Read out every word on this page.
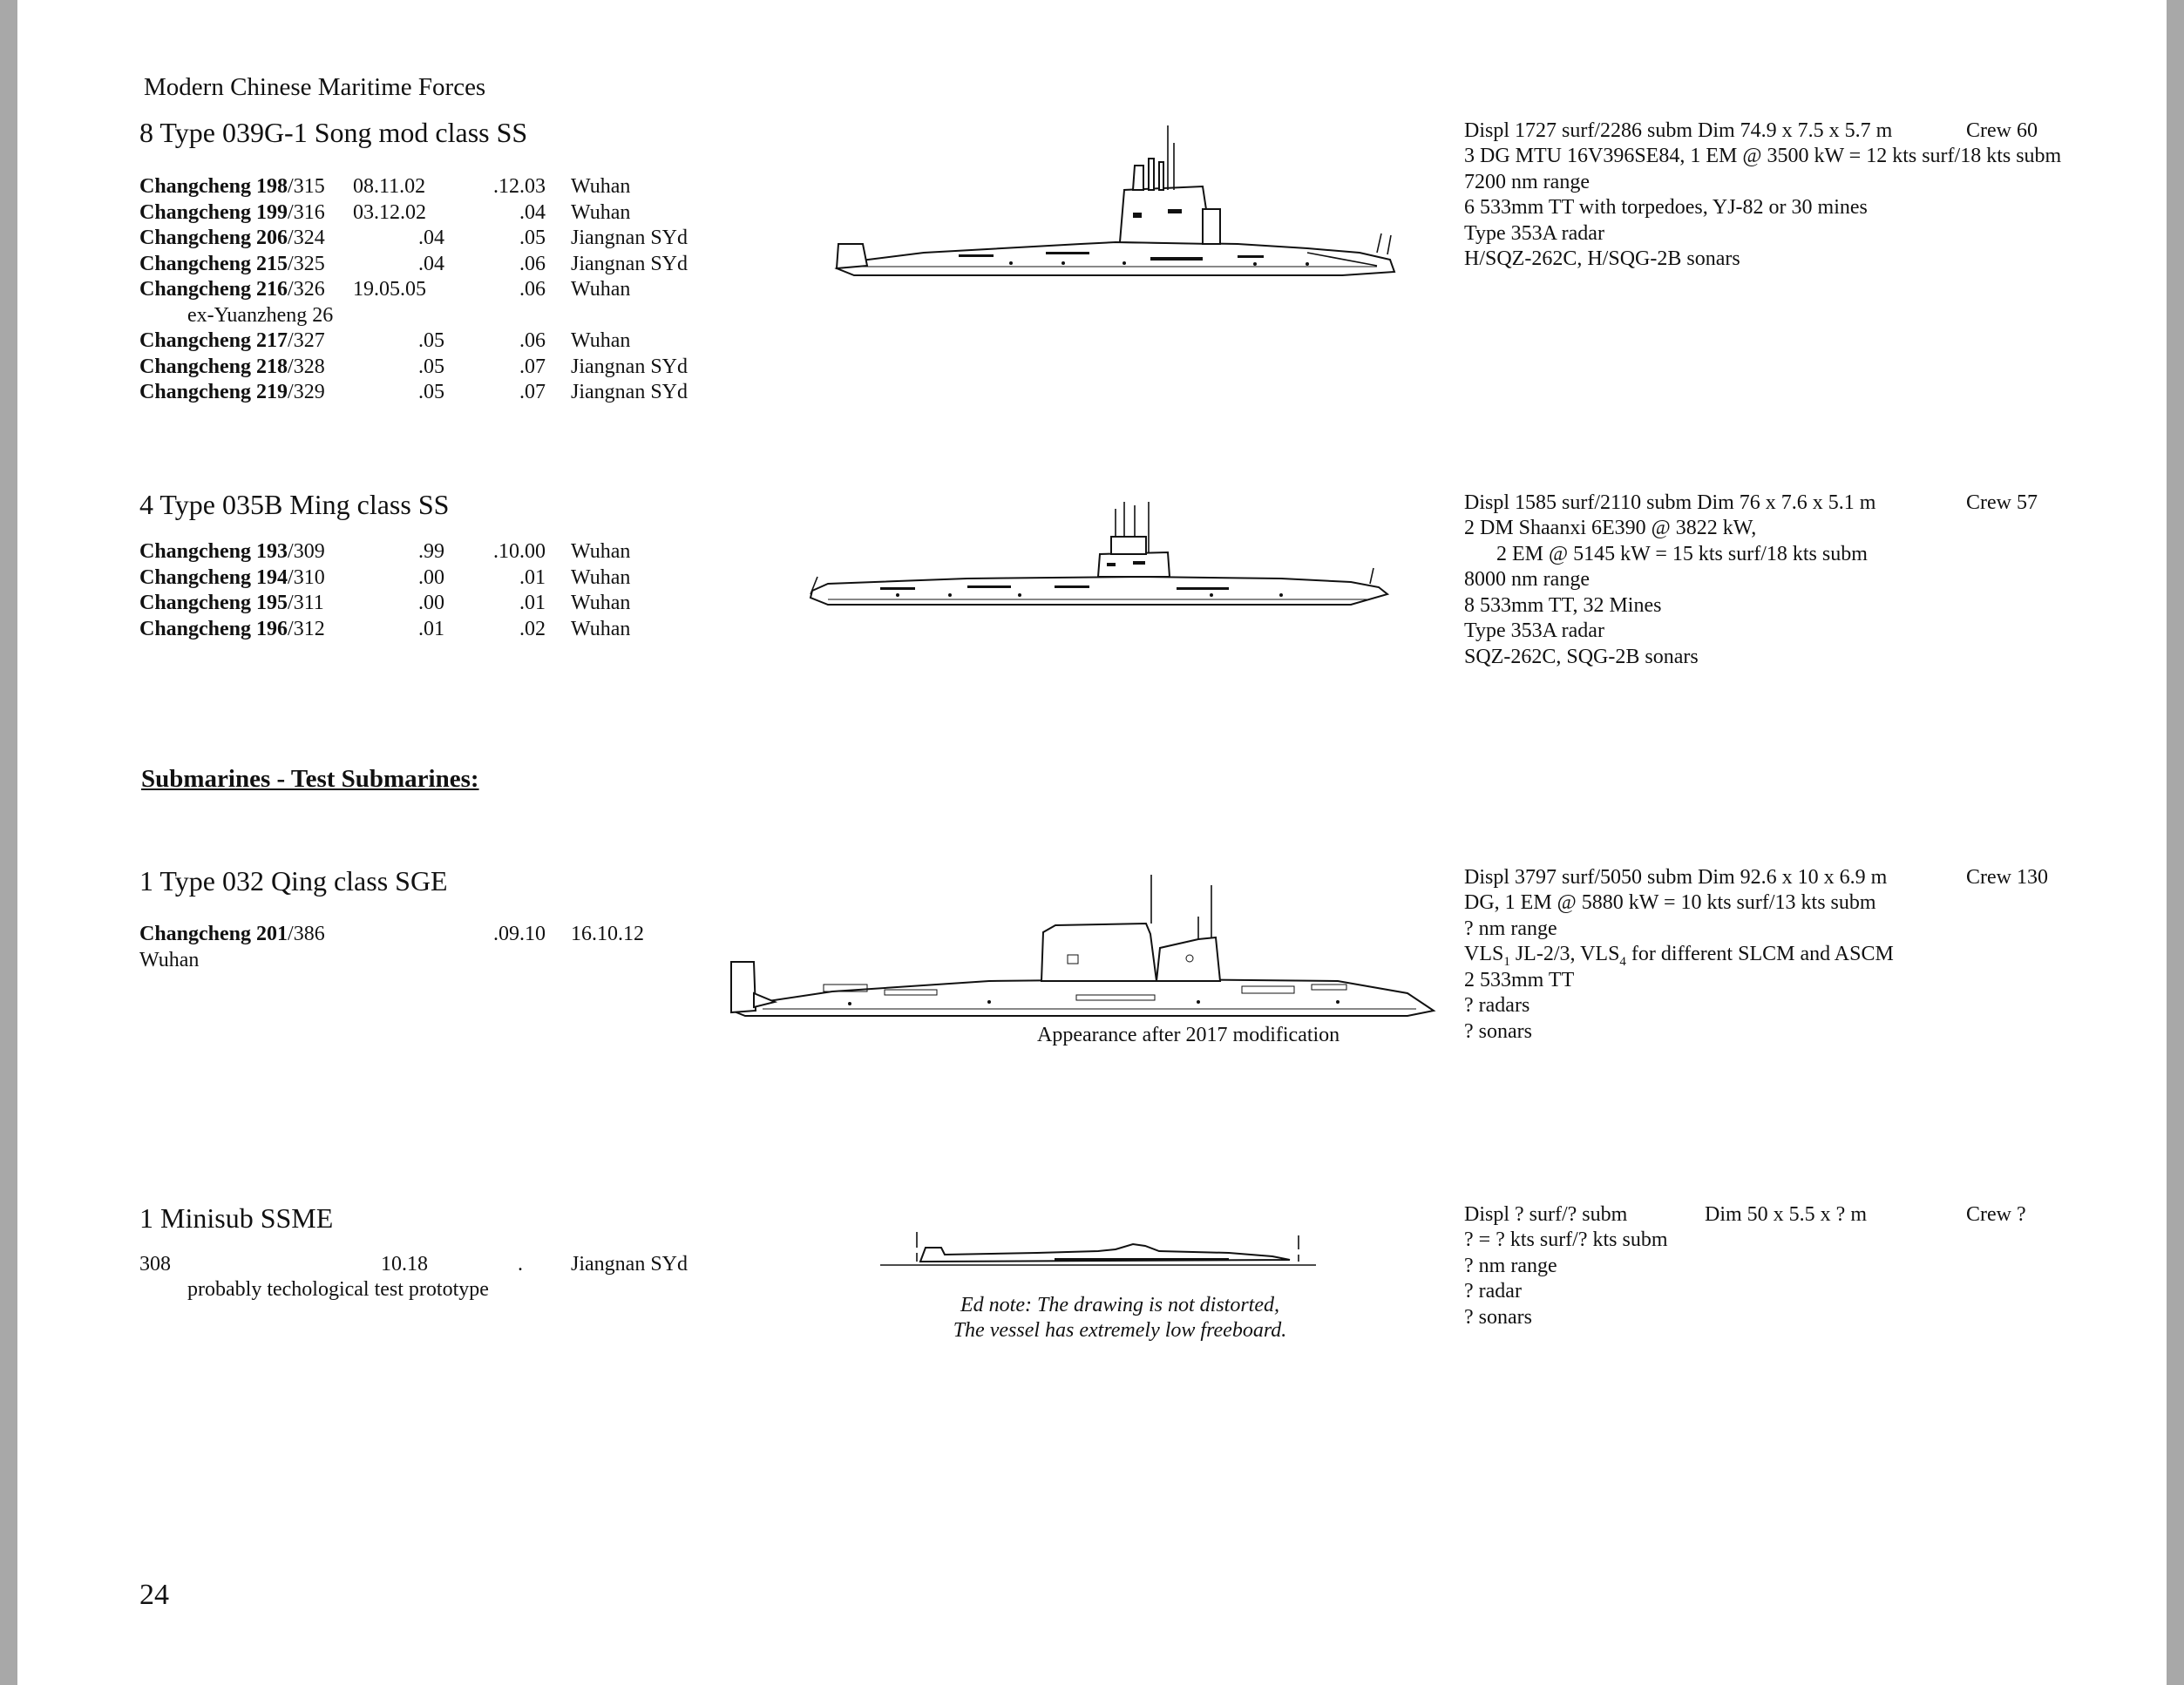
Modern Chinese Maritime Forces
8 Type 039G-1 Song mod class SS
Changcheng 198/315 08.11.02	.12.03 Wuhan
Changcheng 199/316 03.12.02	.04 Wuhan
Changcheng 206/324	.04	.05 Jiangnan SYd
Changcheng 215/325	.04	.06 Jiangnan SYd
Changcheng 216/326 19.05.05	.06 Wuhan
ex-Yuanzheng 26
Changcheng 217/327	.05	.06 Wuhan
Changcheng 218/328	.05	.07 Jiangnan SYd
Changcheng 219/329	.05	.07 Jiangnan SYd
Displ 1727 surf/2286 subm Dim 74.9 x 7.5 x 5.7 m	Crew 60
3 DG MTU 16V396SE84, 1 EM @ 3500 kW = 12 kts surf/18 kts subm
7200 nm range
6 533mm TT with torpedoes, YJ-82 or 30 mines
Type 353A radar
H/SQZ-262C, H/SQG-2B sonars
4 Type 035B Ming class SS
Changcheng 193/309	.99	.10.00 Wuhan
Changcheng 194/310	.00	.01 Wuhan
Changcheng 195/311	.00	.01 Wuhan
Changcheng 196/312	.01	.02 Wuhan
Displ 1585 surf/2110 subm Dim 76 x 7.6 x 5.1 m	Crew 57
2 DM Shaanxi 6E390 @ 3822 kW,
2 EM @ 5145 kW = 15 kts surf/18 kts subm
8000 nm range
8 533mm TT, 32 Mines
Type 353A radar
SQZ-262C, SQG-2B sonars
Submarines - Test Submarines:
1 Type 032 Qing class SGE
Changcheng 201/386	.09.10 16.10.12
Wuhan
Appearance after 2017 modification
Displ 3797 surf/5050 subm Dim 92.6 x 10 x 6.9 m	Crew 130
DG, 1 EM @ 5880 kW = 10 kts surf/13 kts subm
? nm range
$VLS_1$ JL-2/3, $VLS_4$ for different SLCM and ASCM
2 533mm TT
? radars
? sonars
1 Minisub SSME
308	10.18	. Jiangnan SYd
probably techological test prototype
Ed note: The drawing is not distorted,
The vessel has extremely low freeboard.
Displ ? surf/? subm	Dim 50 x 5.5 x ? m	Crew ?
? = ? kts surf/? kts subm
? nm range
? radar
? sonars
24
